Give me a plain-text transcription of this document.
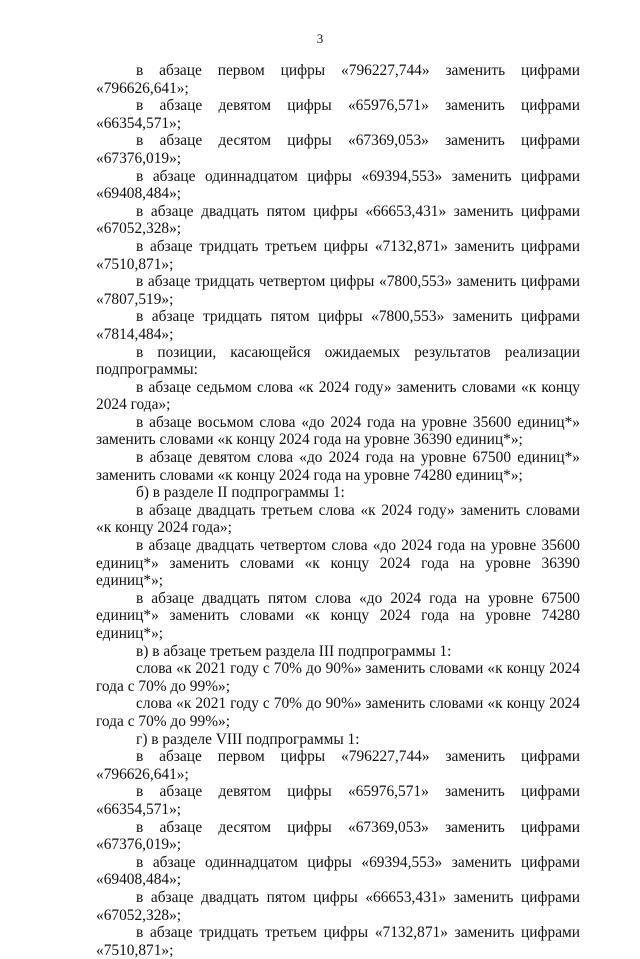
3

в абзаце первом цифры «796227,744» заменить цифрами «796626,641»;

в абзаце девятом цифры «65976,571» заменить цифрами «66354,571»;

в абзаце десятом цифры «67369,053» заменить цифрами «67376,019»;

в абзаце одиннадцатом цифры «69394,553» заменить цифрами «69408,484»;

в абзаце двадцать пятом цифры «66653,431» заменить цифрами «67052,328»;

в абзаце тридцать третьем цифры «7132,871» заменить цифрами «7510,871»;

в абзаце тридцать четвертом цифры «7800,553» заменить цифрами «7807,519»;

в абзаце тридцать пятом цифры «7800,553» заменить цифрами «7814,484»;

в позиции, касающейся ожидаемых результатов реализации подпрограммы:

в абзаце седьмом слова «к 2024 году» заменить словами «к концу 2024 года»;

в абзаце восьмом слова «до 2024 года на уровне 35600 единиц*» заменить словами «к концу 2024 года на уровне 36390 единиц*»;

в абзаце девятом слова «до 2024 года на уровне 67500 единиц*» заменить словами «к концу 2024 года на уровне 74280 единиц*»;

б) в разделе II подпрограммы 1:

в абзаце двадцать третьем слова «к 2024 году» заменить словами «к концу 2024 года»;

в абзаце двадцать четвертом слова «до 2024 года на уровне 35600 единиц*» заменить словами «к концу 2024 года на уровне 36390 единиц*»;

в абзаце двадцать пятом слова «до 2024 года на уровне 67500 единиц*» заменить словами «к концу 2024 года на уровне 74280 единиц*»;

в) в абзаце третьем раздела III подпрограммы 1:

слова «к 2021 году с 70% до 90%» заменить словами «к концу 2024 года с 70% до 99%»;

слова «к 2021 году с 70% до 90%» заменить словами «к концу 2024 года с 70% до 99%»;

г) в разделе VIII подпрограммы 1:

в абзаце первом цифры «796227,744» заменить цифрами «796626,641»;

в абзаце девятом цифры «65976,571» заменить цифрами «66354,571»;

в абзаце десятом цифры «67369,053» заменить цифрами «67376,019»;

в абзаце одиннадцатом цифры «69394,553» заменить цифрами «69408,484»;

в абзаце двадцать пятом цифры «66653,431» заменить цифрами «67052,328»;

в абзаце тридцать третьем цифры «7132,871» заменить цифрами «7510,871»;
